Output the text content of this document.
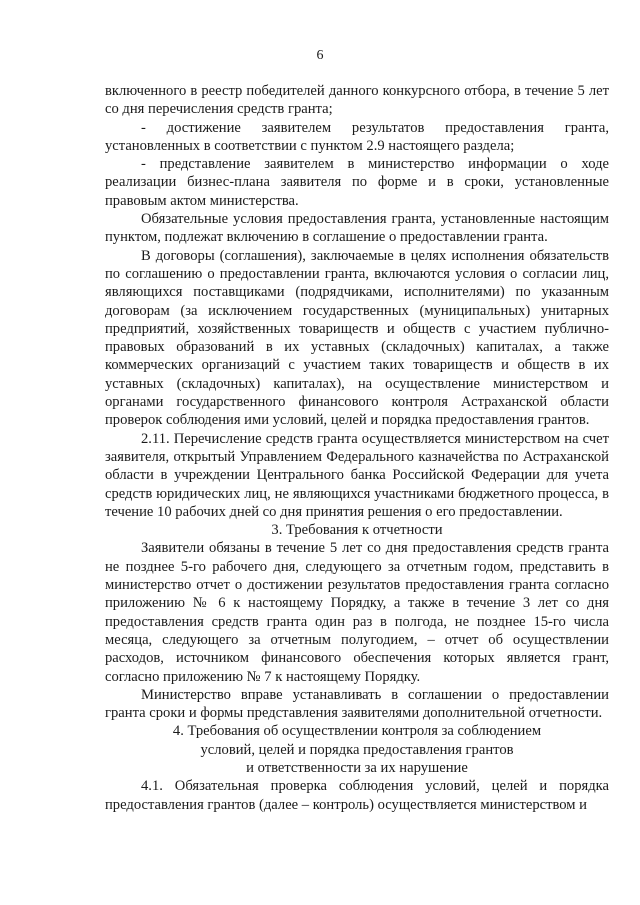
6

включенного в реестр победителей данного конкурсного отбора, в течение 5 лет со дня перечисления средств гранта;

- достижение заявителем результатов предоставления гранта, установленных в соответствии с пунктом 2.9 настоящего раздела;

- представление заявителем в министерство информации о ходе реализации бизнес-плана заявителя по форме и в сроки, установленные правовым актом министерства.

Обязательные условия предоставления гранта, установленные настоящим пунктом, подлежат включению в соглашение о предоставлении гранта.

В договоры (соглашения), заключаемые в целях исполнения обязательств по соглашению о предоставлении гранта, включаются условия о согласии лиц, являющихся поставщиками (подрядчиками, исполнителями) по указанным договорам (за исключением государственных (муниципальных) унитарных предприятий, хозяйственных товариществ и обществ с участием публично-правовых образований в их уставных (складочных) капиталах, а также коммерческих организаций с участием таких товариществ и обществ в их уставных (складочных) капиталах), на осуществление министерством и органами государственного финансового контроля Астраханской области проверок соблюдения ими условий, целей и порядка предоставления грантов.

2.11. Перечисление средств гранта осуществляется министерством на счет заявителя, открытый Управлением Федерального казначейства по Астраханской области в учреждении Центрального банка Российской Федерации для учета средств юридических лиц, не являющихся участниками бюджетного процесса, в течение 10 рабочих дней со дня принятия решения о его предоставлении.

3. Требования к отчетности

Заявители обязаны в течение 5 лет со дня предоставления средств гранта не позднее 5-го рабочего дня, следующего за отчетным годом, представить в министерство отчет о достижении результатов предоставления гранта согласно приложению № 6 к настоящему Порядку, а также в течение 3 лет со дня предоставления средств гранта один раз в полгода, не позднее 15-го числа месяца, следующего за отчетным полугодием, – отчет об осуществлении расходов, источником финансового обеспечения которых является грант, согласно приложению № 7 к настоящему Порядку.

Министерство вправе устанавливать в соглашении о предоставлении гранта сроки и формы представления заявителями дополнительной отчетности.

4. Требования об осуществлении контроля за соблюдением
условий, целей и порядка предоставления грантов
и ответственности за их нарушение

4.1. Обязательная проверка соблюдения условий, целей и порядка предоставления грантов (далее – контроль) осуществляется министерством и
